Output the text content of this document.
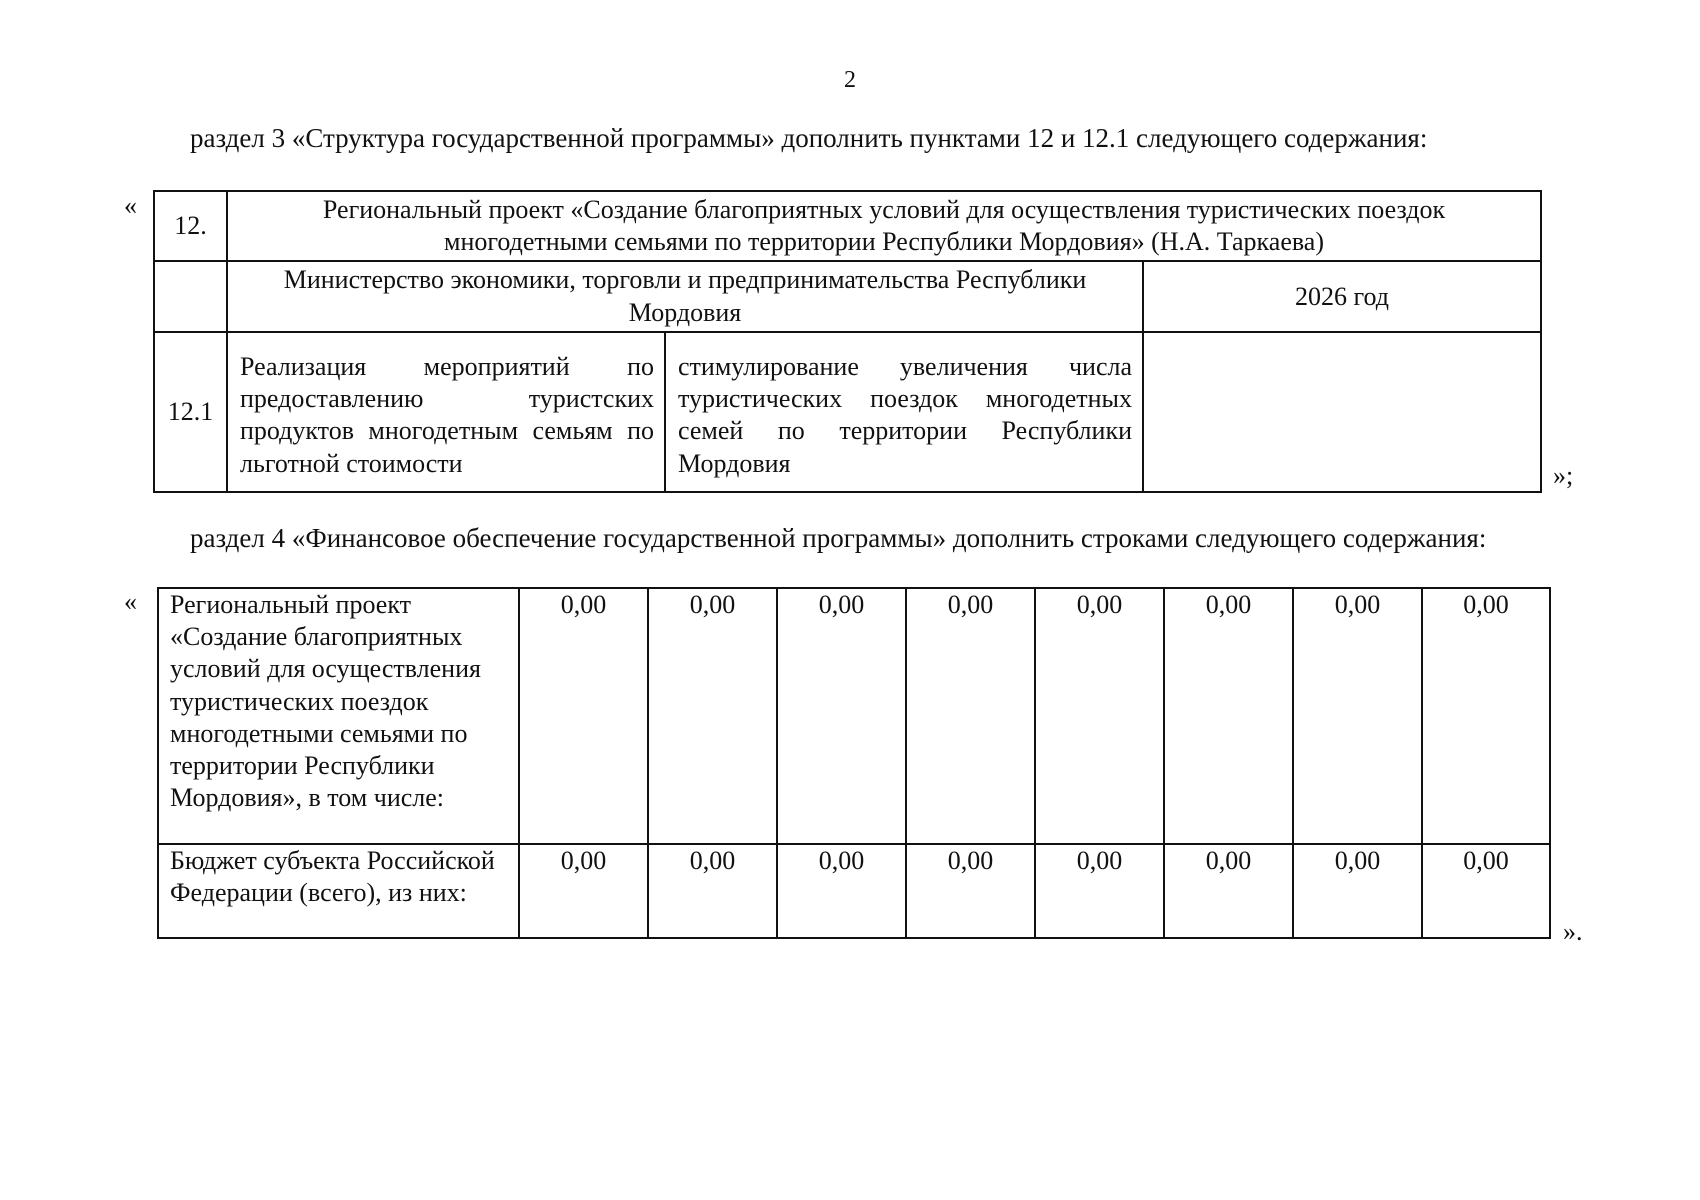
2
раздел 3 «Структура государственной программы» дополнить пунктами 12 и 12.1 следующего содержания:
«
12.	Региональный проект «Создание благоприятных условий для осуществления туристических поездок многодетными семьями по территории Республики Мордовия» (Н.А. Таркаева)		
	Министерство экономики, торговли и предпринимательства Республики Мордовия		2026 год
12.1	Реализация мероприятий по предоставлению туристских продуктов многодетным семьям по льготной стоимости	стимулирование увеличения числа туристических поездок многодетных семей по территории Республики Мордовия		»;
раздел 4 «Финансовое обеспечение государственной программы» дополнить строками следующего содержания:
« Региональный проект «Создание благоприятных условий для осуществления туристических поездок многодетными семьями по территории Республики Мордовия», в том числе:	0,00	0,00	0,00	0,00	0,00	0,00	0,00	0,00
Бюджет субъекта Российской Федерации (всего), из них:	0,00	0,00	0,00	0,00	0,00	0,00	0,00	0,00
».
